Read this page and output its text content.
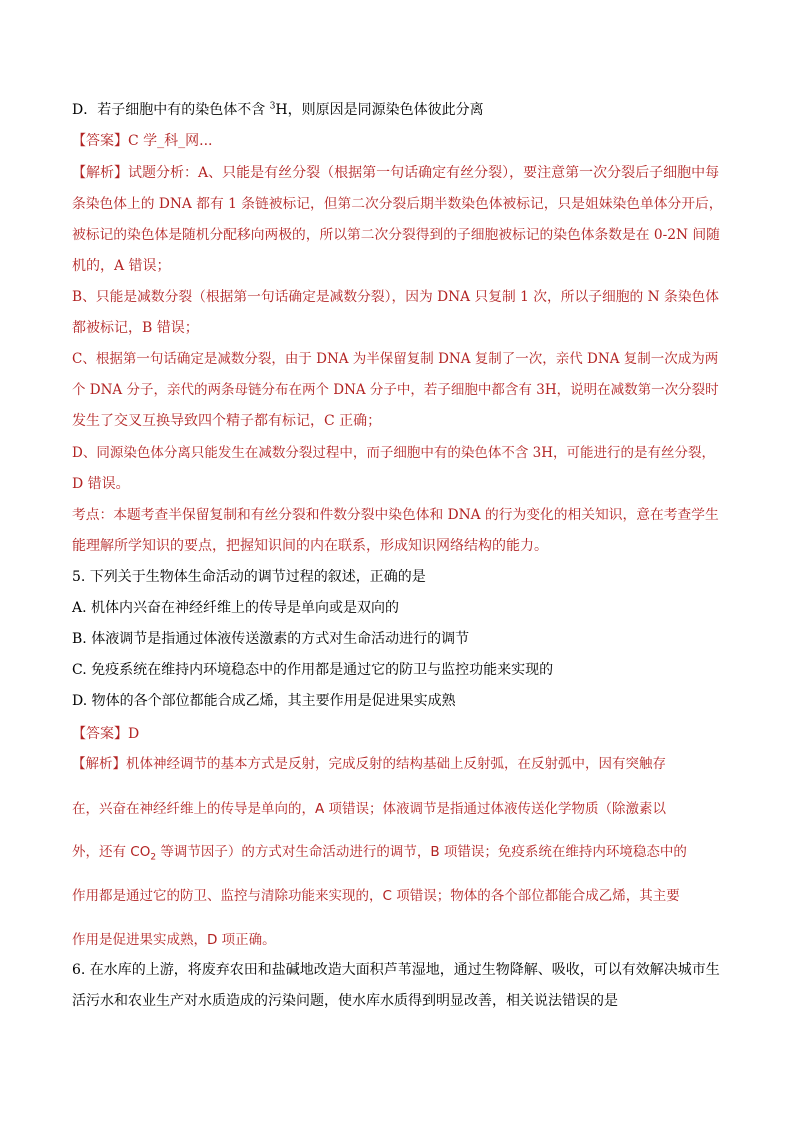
D．若子细胞中有的染色体不含 $^3$H，则原因是同源染色体彼此分离
【答案】C 学_科_网...
【解析】试题分析：A、只能是有丝分裂（根据第一句话确定有丝分裂），要注意第一次分裂后子细胞中每
条染色体上的 DNA 都有 1 条链被标记，但第二次分裂后期半数染色体被标记，只是姐妹染色单体分开后，
被标记的染色体是随机分配移向两极的，所以第二次分裂得到的子细胞被标记的染色体条数是在 0-2N 间随
机的，A 错误；
B、只能是减数分裂（根据第一句话确定是减数分裂），因为 DNA 只复制 1 次，所以子细胞的 N 条染色体
都被标记，B 错误；
C、根据第一句话确定是减数分裂，由于 DNA 为半保留复制 DNA 复制了一次，亲代 DNA 复制一次成为两
个 DNA 分子，亲代的两条母链分布在两个 DNA 分子中，若子细胞中都含有 3H，说明在减数第一次分裂时
发生了交叉互换导致四个精子都有标记，C 正确；
D、同源染色体分离只能发生在减数分裂过程中，而子细胞中有的染色体不含 3H，可能进行的是有丝分裂，
D 错误。
考点：本题考查半保留复制和有丝分裂和件数分裂中染色体和 DNA 的行为变化的相关知识，意在考查学生
能理解所学知识的要点，把握知识间的内在联系，形成知识网络结构的能力。
5. 下列关于生物体生命活动的调节过程的叙述，正确的是
A. 机体内兴奋在神经纤维上的传导是单向或是双向的
B. 体液调节是指通过体液传送激素的方式对生命活动进行的调节
C. 免疫系统在维持内环境稳态中的作用都是通过它的防卫与监控功能来实现的
D. 物体的各个部位都能合成乙烯，其主要作用是促进果实成熟
【答案】D
【解析】机体神经调节的基本方式是反射，完成反射的结构基础上反射弧，在反射弧中，因有突触存
在，兴奋在神经纤维上的传导是单向的，A 项错误；体液调节是指通过体液传送化学物质（除激素以
外，还有 $CO_2$ 等调节因子）的方式对生命活动进行的调节，B 项错误；免疫系统在维持内环境稳态中的
作用都是通过它的防卫、监控与清除功能来实现的，C 项错误；物体的各个部位都能合成乙烯，其主要
作用是促进果实成熟，D 项正确。
6. 在水库的上游，将废弃农田和盐碱地改造大面积芦苇湿地，通过生物降解、吸收，可以有效解决城市生
活污水和农业生产对水质造成的污染问题，使水库水质得到明显改善，相关说法错误的是
